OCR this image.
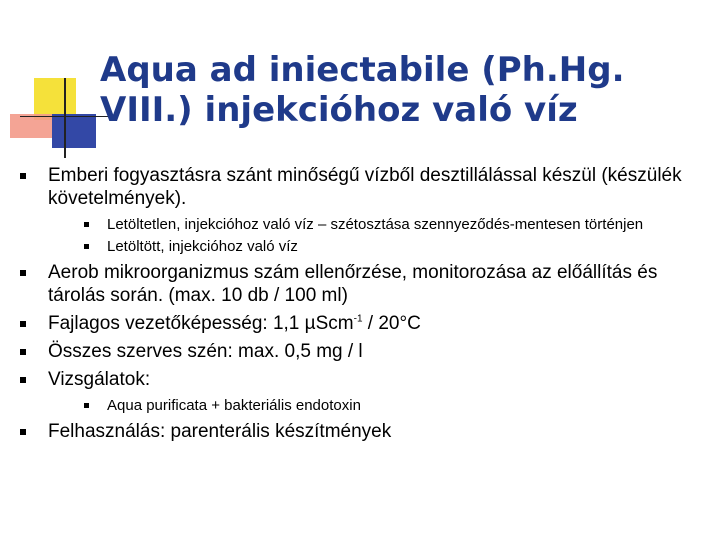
Aqua ad iniectabile (Ph.Hg.
VIII.) injekcióhoz való víz
Emberi fogyasztásra szánt minőségű vízből desztillálással készül (készülék követelmények).
Letöltetlen, injekcióhoz való víz – szétosztása szennyeződés-mentesen történjen
Letöltött, injekcióhoz való víz
Aerob mikroorganizmus szám ellenőrzése, monitorozása az előállítás és tárolás során. (max. 10 db / 100 ml)
Fajlagos vezetőképesség: 1,1 µScm$^{-1}$ / 20°C
Összes szerves szén: max. 0,5 mg / l
Vizsgálatok:
Aqua purificata + bakteriális endotoxin
Felhasználás: parenterális készítmények
